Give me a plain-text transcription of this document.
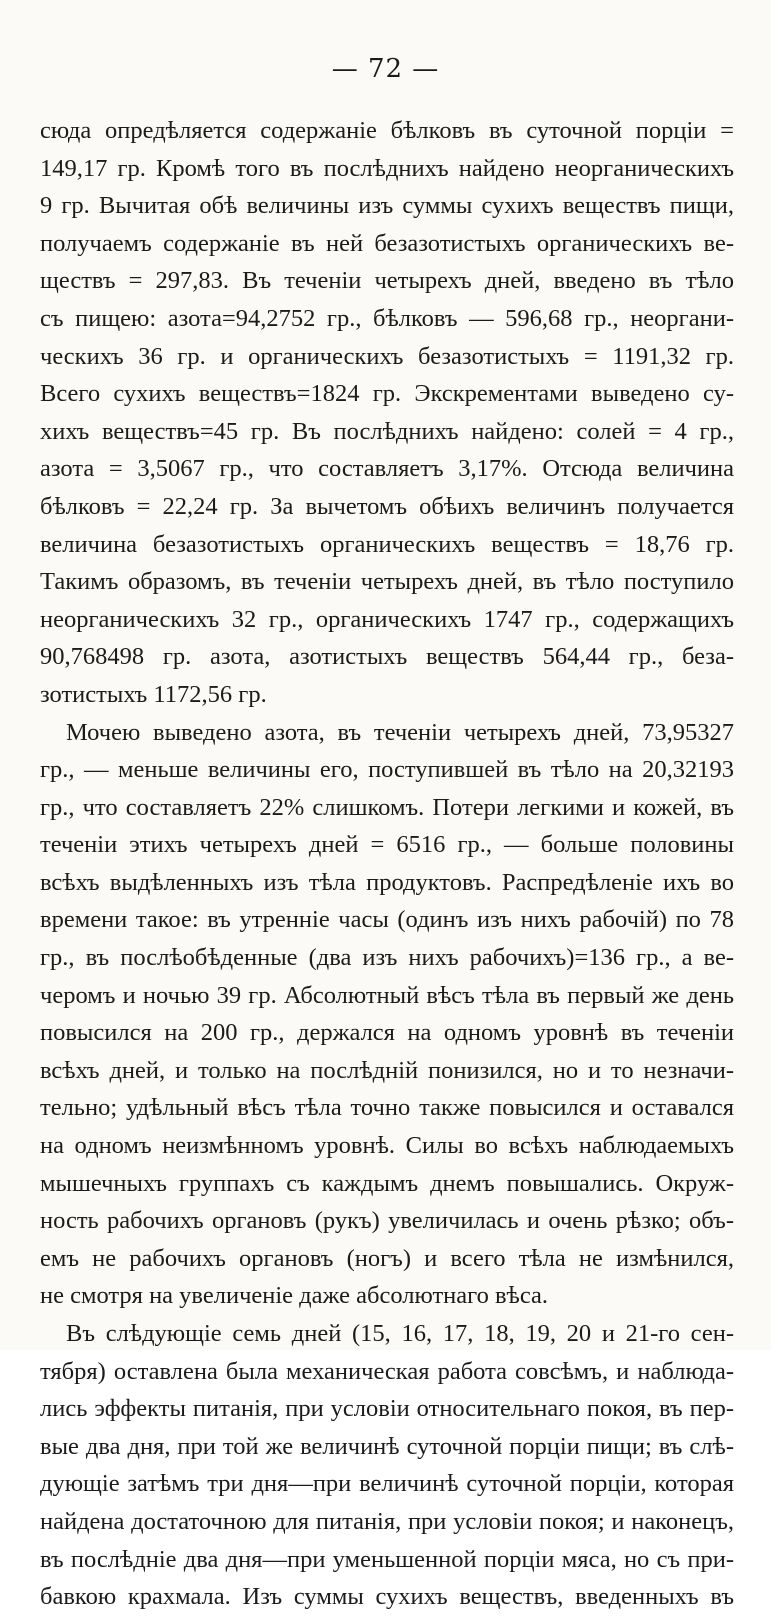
— 72 —
сюда опредѣляется содержаніе бѣлковъ въ суточной порціи =
149,17 гр. Кромѣ того въ послѣднихъ найдено неорганическихъ
9 гр. Вычитая обѣ величины изъ суммы сухихъ веществъ пищи,
получаемъ содержаніе въ ней безазотистыхъ органическихъ ве-
ществъ = 297,83. Въ теченіи четырехъ дней, введено въ тѣло
съ пищею: азота=94,2752 гр., бѣлковъ — 596,68 гр., неоргани-
ческихъ 36 гр. и органическихъ безазотистыхъ = 1191,32 гр.
Всего сухихъ веществъ=1824 гр. Экскрементами выведено су-
хихъ веществъ=45 гр. Въ послѣднихъ найдено: солей = 4 гр.,
азота = 3,5067 гр., что составляетъ 3,17%. Отсюда величина
бѣлковъ = 22,24 гр. За вычетомъ обѣихъ величинъ получается
величина безазотистыхъ органическихъ веществъ = 18,76 гр.
Такимъ образомъ, въ теченіи четырехъ дней, въ тѣло поступило
неорганическихъ 32 гр., органическихъ 1747 гр., содержащихъ
90,768498 гр. азота, азотистыхъ веществъ 564,44 гр., беза-
зотистыхъ 1172,56 гр.
Мочею выведено азота, въ теченіи четырехъ дней, 73,95327
гр., — меньше величины его, поступившей въ тѣло на 20,32193
гр., что составляетъ 22% слишкомъ. Потери легкими и кожей, въ
теченіи этихъ четырехъ дней = 6516 гр., — больше половины
всѣхъ выдѣленныхъ изъ тѣла продуктовъ. Распредѣленіе ихъ во
времени такое: въ утренніе часы (одинъ изъ нихъ рабочій) по 78
гр., въ послѣобѣденные (два изъ нихъ рабочихъ)=136 гр., а ве-
черомъ и ночью 39 гр. Абсолютный вѣсъ тѣла въ первый же день
повысился на 200 гр., держался на одномъ уровнѣ въ теченіи
всѣхъ дней, и только на послѣдній понизился, но и то незначи-
тельно; удѣльный вѣсъ тѣла точно также повысился и оставался
на одномъ неизмѣнномъ уровнѣ. Силы во всѣхъ наблюдаемыхъ
мышечныхъ группахъ съ каждымъ днемъ повышались. Окруж-
ность рабочихъ органовъ (рукъ) увеличилась и очень рѣзко; объ-
емъ не рабочихъ органовъ (ногъ) и всего тѣла не измѣнился,
не смотря на увеличеніе даже абсолютнаго вѣса.
Въ слѣдующіе семь дней (15, 16, 17, 18, 19, 20 и 21-го сен-
тября) оставлена была механическая работа совсѣмъ, и наблюда-
лись эффекты питанія, при условіи относительнаго покоя, въ пер-
вые два дня, при той же величинѣ суточной порціи пищи; въ слѣ-
дующіе затѣмъ три дня—при величинѣ суточной порціи, которая
найдена достаточною для питанія, при условіи покоя; и наконецъ,
въ послѣдніе два дня—при уменьшенной порціи мяса, но съ при-
бавкою крахмала. Изъ суммы сухихъ веществъ, введенныхъ въ
